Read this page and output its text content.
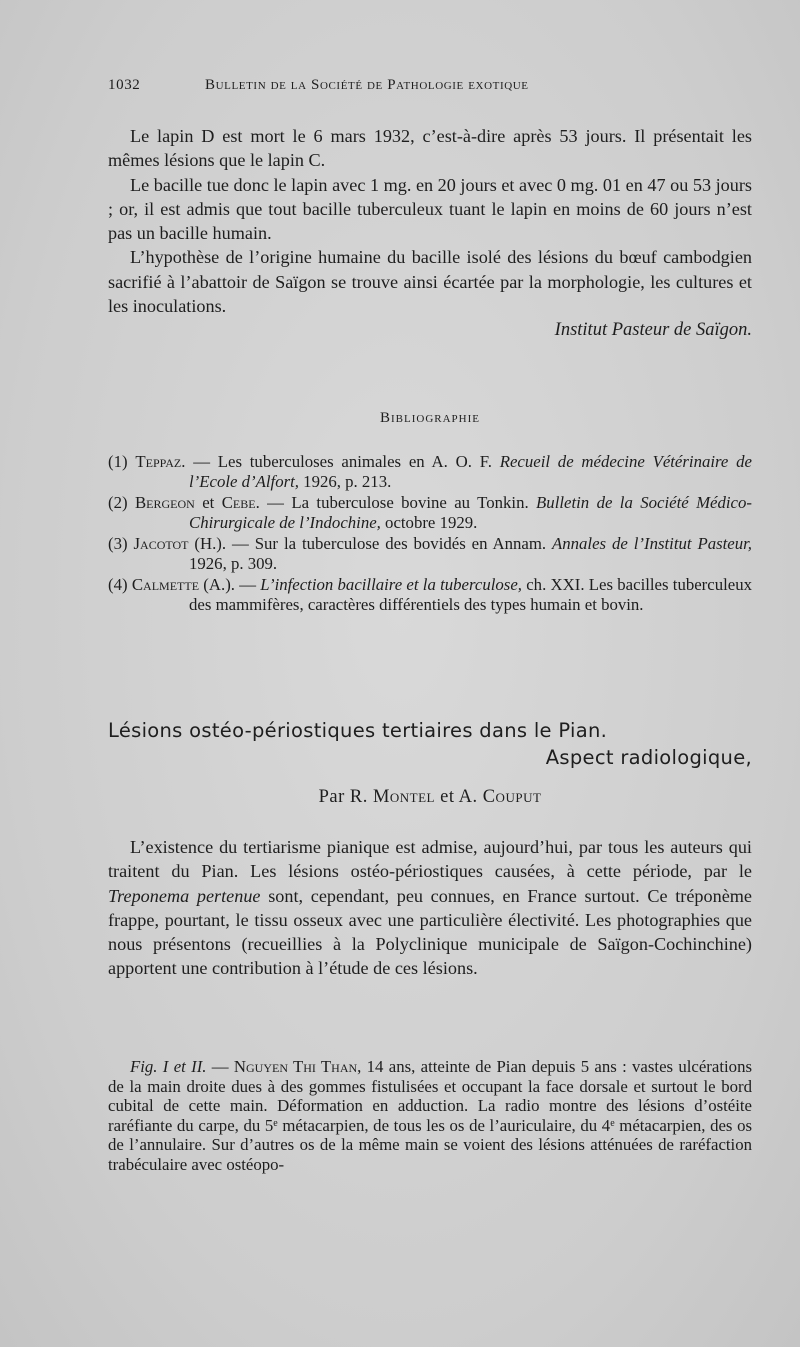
1032	Bulletin de la Société de Pathologie exotique

Le lapin D est mort le 6 mars 1932, c’est-à-dire après 53 jours. Il présentait les mêmes lésions que le lapin C.

Le bacille tue donc le lapin avec 1 mg. en 20 jours et avec 0 mg. 01 en 47 ou 53 jours ; or, il est admis que tout bacille tuberculeux tuant le lapin en moins de 60 jours n’est pas un bacille humain.

L’hypothèse de l’origine humaine du bacille isolé des lésions du bœuf cambodgien sacrifié à l’abattoir de Saïgon se trouve ainsi écartée par la morphologie, les cultures et les inoculations.

Institut Pasteur de Saïgon.

Bibliographie

(1) Teppaz. — Les tuberculoses animales en A. O. F. Recueil de médecine Vétérinaire de l’Ecole d’Alfort, 1926, p. 213.

(2) Bergeon et Cebe. — La tuberculose bovine au Tonkin. Bulletin de la Société Médico-Chirurgicale de l’Indochine, octobre 1929.

(3) Jacotot (H.). — Sur la tuberculose des bovidés en Annam. Annales de l’Institut Pasteur, 1926, p. 309.

(4) Calmette (A.). — L’infection bacillaire et la tuberculose, ch. XXI. Les bacilles tuberculeux des mammifères, caractères différentiels des types humain et bovin.

Lésions ostéo-périostiques tertiaires dans le Pian.

Aspect radiologique,

Par R. Montel et A. Couput

L’existence du tertiarisme pianique est admise, aujourd’hui, par tous les auteurs qui traitent du Pian. Les lésions ostéo-périostiques causées, à cette période, par le Treponema pertenue sont, cependant, peu connues, en France surtout. Ce tréponème frappe, pourtant, le tissu osseux avec une particulière électivité. Les photographies que nous présentons (recueillies à la Polyclinique municipale de Saïgon-Cochinchine) apportent une contribution à l’étude de ces lésions.

Fig. I et II. — Nguyen Thi Than, 14 ans, atteinte de Pian depuis 5 ans : vastes ulcérations de la main droite dues à des gommes fistulisées et occupant la face dorsale et surtout le bord cubital de cette main. Déformation en adduction. La radio montre des lésions d’ostéite raréfiante du carpe, du 5e métacarpien, de tous les os de l’auriculaire, du 4e métacarpien, des os de l’annulaire. Sur d’autres os de la même main se voient des lésions atténuées de raréfaction trabéculaire avec ostéopo-
